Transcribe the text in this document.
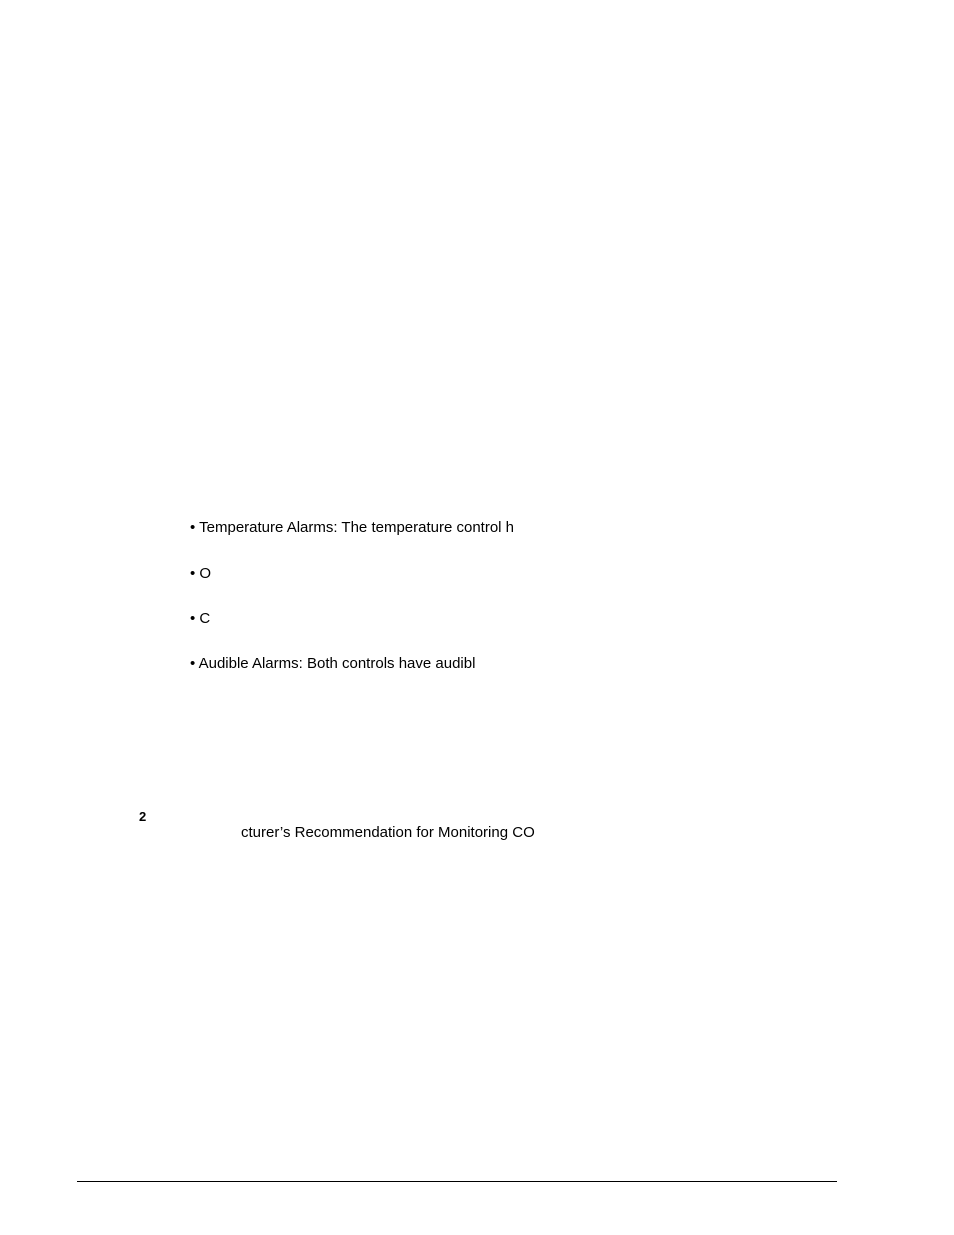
• Temperature Alarms: The temperature control h
• O
• C
• Audible Alarms: Both controls have audibl
2
cturer’s Recommendation for Monitoring CO
